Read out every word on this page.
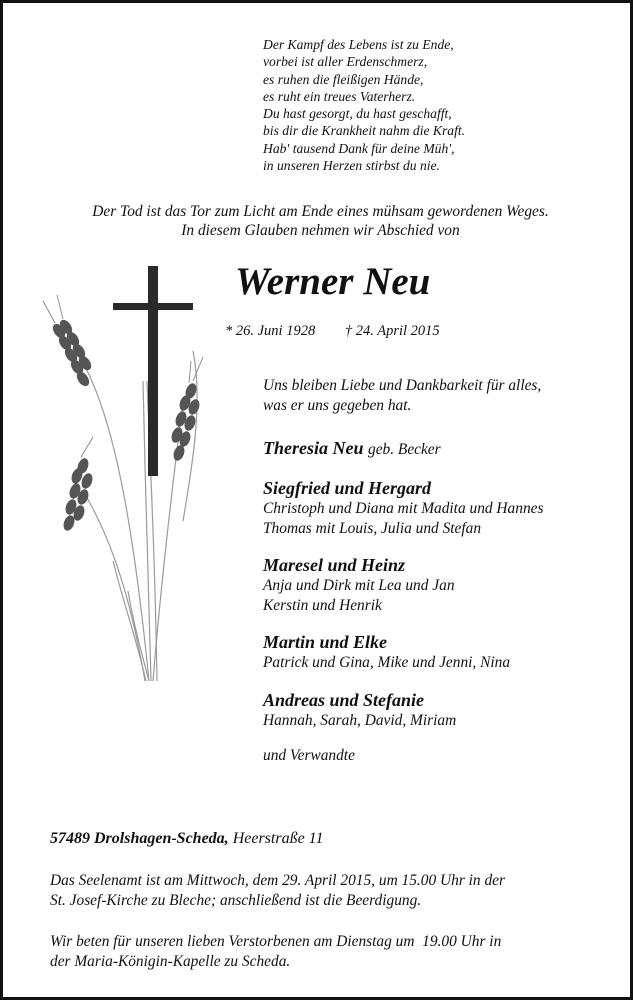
Der Kampf des Lebens ist zu Ende,
vorbei ist aller Erdenschmerz,
es ruhen die fleißigen Hände,
es ruht ein treues Vaterherz.
Du hast gesorgt, du hast geschafft,
bis dir die Krankheit nahm die Kraft.
Hab' tausend Dank für deine Müh',
in unseren Herzen stirbst du nie.
Der Tod ist das Tor zum Licht am Ende eines mühsam gewordenen Weges.
In diesem Glauben nehmen wir Abschied von
Werner Neu
* 26. Juni 1928 † 24. April 2015
Uns bleiben Liebe und Dankbarkeit für alles,
was er uns gegeben hat.
Theresia Neu geb. Becker
Siegfried und Hergard
Christoph und Diana mit Madita und Hannes
Thomas mit Louis, Julia und Stefan
Maresel und Heinz
Anja und Dirk mit Lea und Jan
Kerstin und Henrik
Martin und Elke
Patrick und Gina, Mike und Jenni, Nina
Andreas und Stefanie
Hannah, Sarah, David, Miriam
und Verwandte
57489 Drolshagen-Scheda, Heerstraße 11
Das Seelenamt ist am Mittwoch, dem 29. April 2015, um 15.00 Uhr in der
St. Josef-Kirche zu Bleche; anschließend ist die Beerdigung.
Wir beten für unseren lieben Verstorbenen am Dienstag um  19.00 Uhr in
der Maria-Königin-Kapelle zu Scheda.
